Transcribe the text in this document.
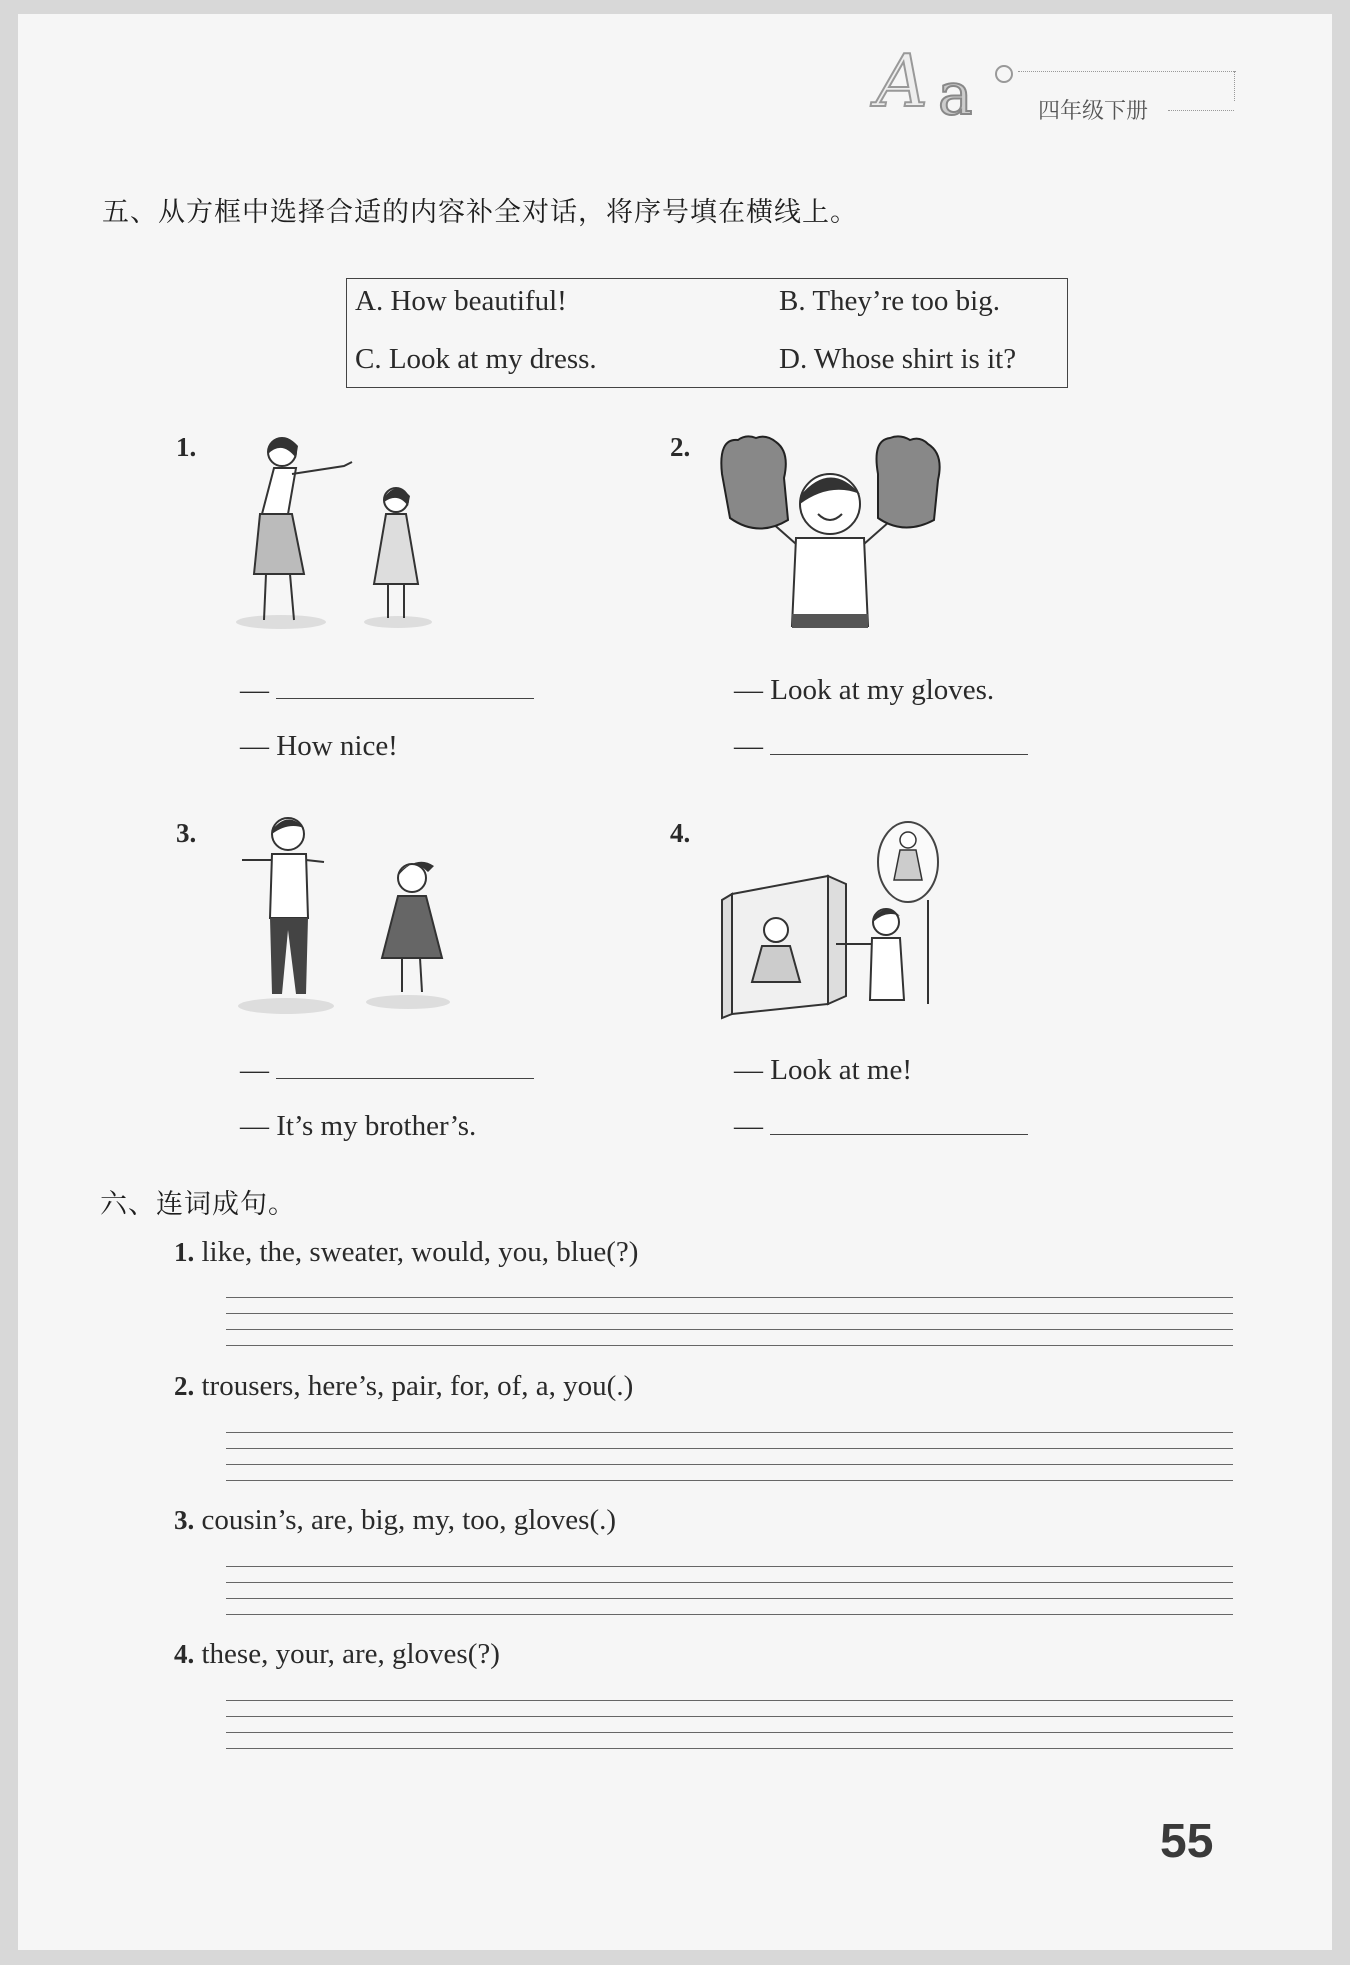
A a	四年级下册
五、从方框中选择合适的内容补全对话，将序号填在横线上。
A. How beautiful!	B. They’re too big.
C. Look at my dress.	D. Whose shirt is it?
1.
—
— How nice!
2.
— Look at my gloves.
—
3.
—
— It’s my brother’s.
4.
— Look at me!
—
六、连词成句。
1. like, the, sweater, would, you, blue(?)
2. trousers, here’s, pair, for, of, a, you(.)
3. cousin’s, are, big, my, too, gloves(.)
4. these, your, are, gloves(?)
55
